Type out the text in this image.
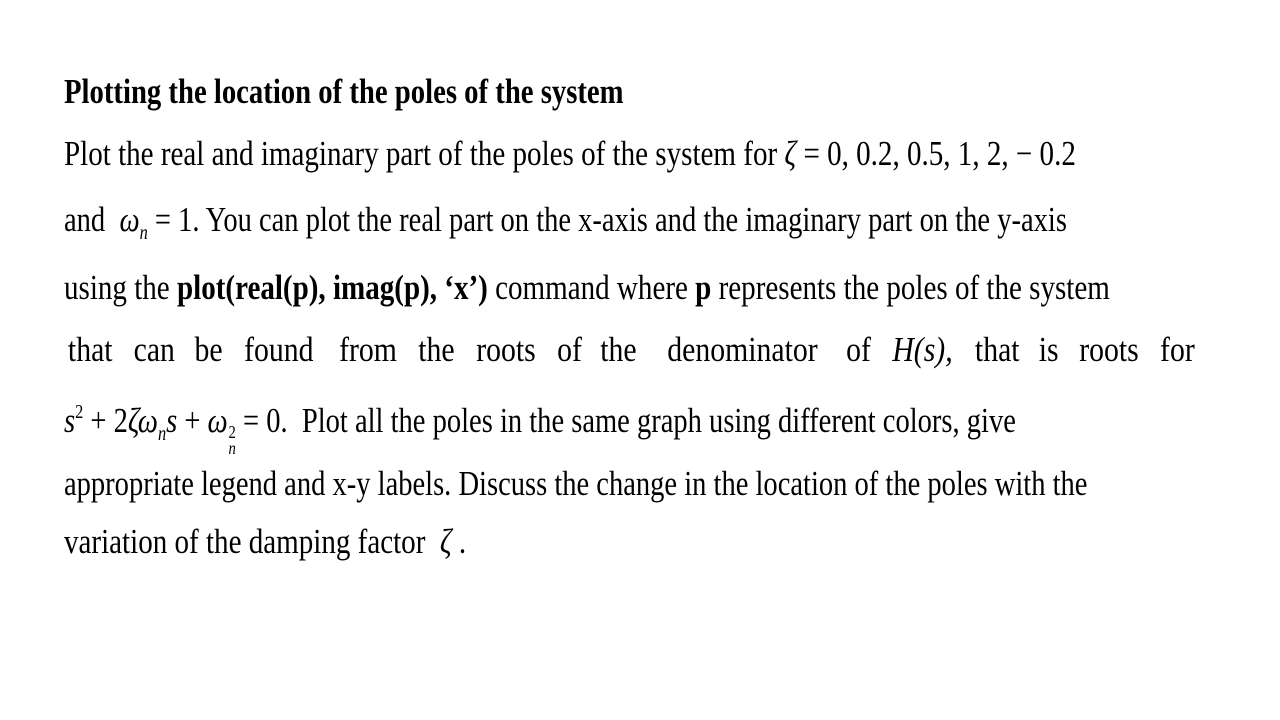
Plotting the location of the poles of the system
Plot the real and imaginary part of the poles of the system for ζ = 0, 0.2, 0.5, 1, 2, − 0.2
and $\omega_n = 1$. You can plot the real part on the x-axis and the imaginary part on the y-axis
using the plot(real(p), imag(p), ‘x’) command where p represents the poles of the system
that can be found from the roots of the denominator of H(s), that is roots for
$s^2 + 2\zeta\omega_ns + \omega$ 2
n
= 0. Plot all the poles in the same graph using different colors, give
appropriate legend and x-y labels. Discuss the change in the location of the poles with the
variation of the damping factor ζ .
